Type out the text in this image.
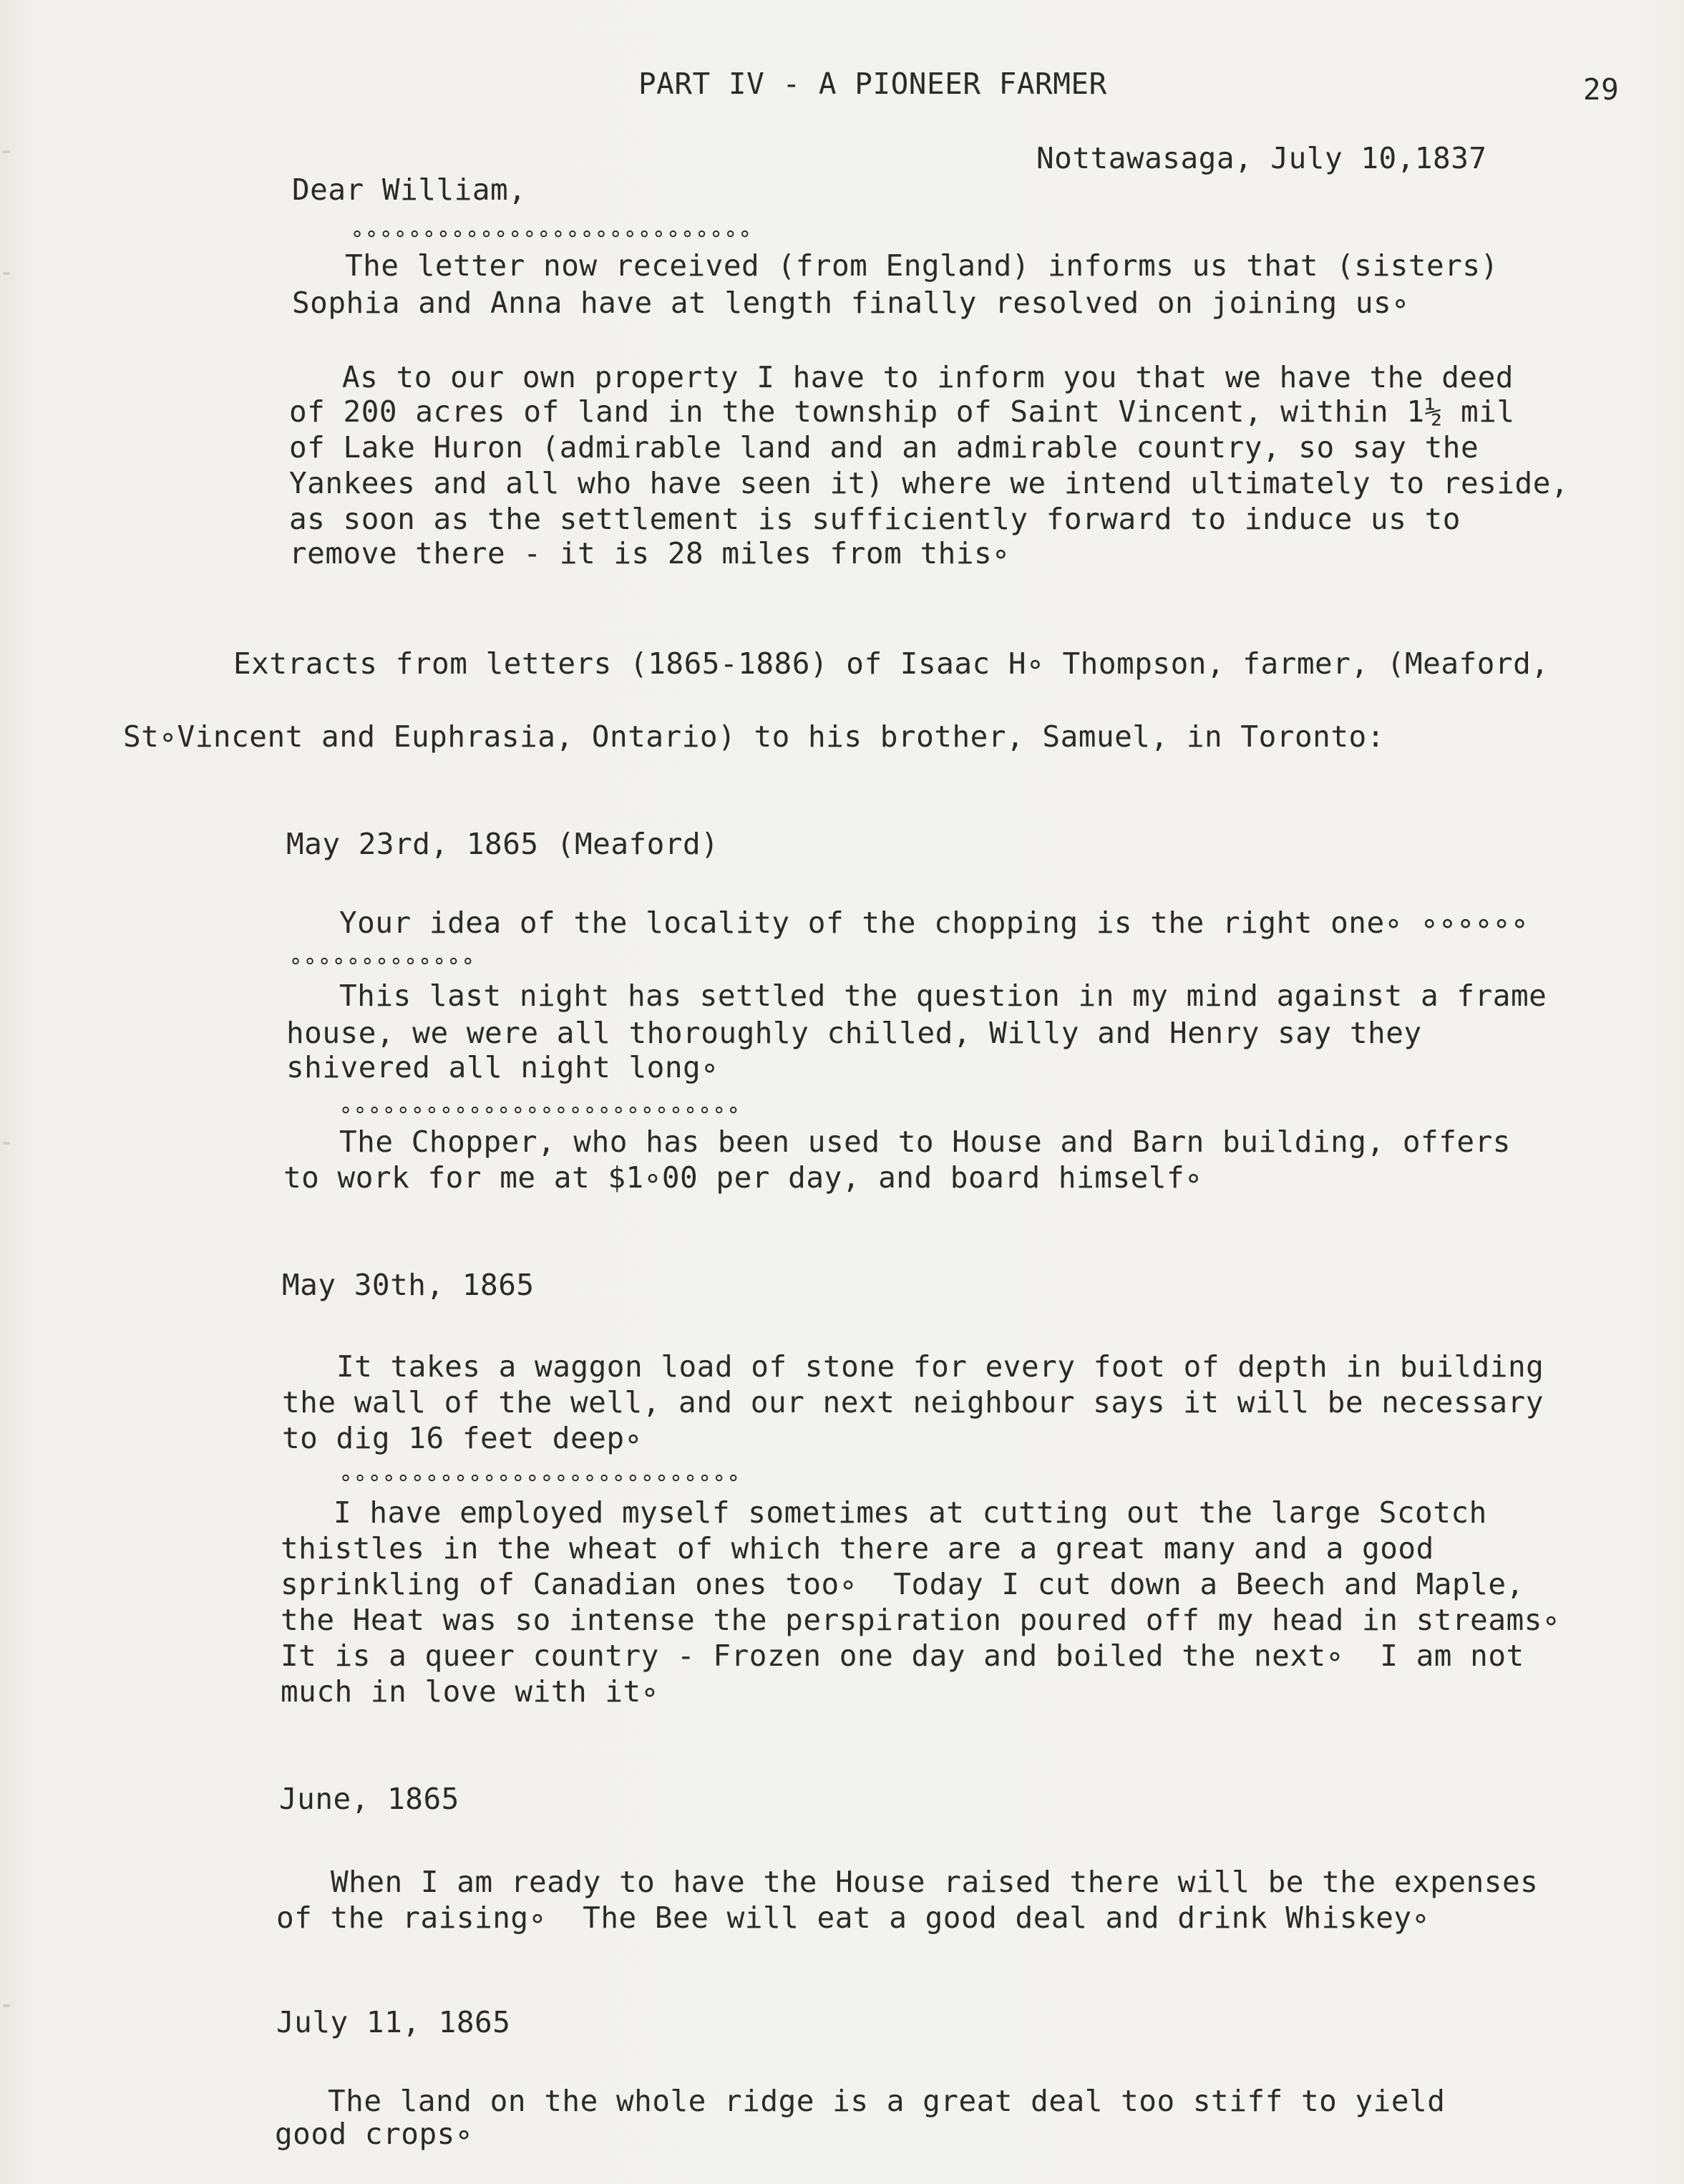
PART IV - A PIONEER FARMER	29
Nottawasaga, July 10,1837
Dear William,
∘∘∘∘∘∘∘∘∘∘∘∘∘∘∘∘∘∘∘∘∘∘∘∘∘∘∘∘
The letter now received (from England) informs us that (sisters)
Sophia and Anna have at length finally resolved on joining us∘
As to our own property I have to inform you that we have the deed
of 200 acres of land in the township of Saint Vincent, within 1½ mil
of Lake Huron (admirable land and an admirable country, so say the
Yankees and all who have seen it) where we intend ultimately to reside,
as soon as the settlement is sufficiently forward to induce us to
remove there - it is 28 miles from this∘
Extracts from letters (1865-1886) of Isaac H∘ Thompson, farmer, (Meaford,
St∘Vincent and Euphrasia, Ontario) to his brother, Samuel, in Toronto:
May 23rd, 1865 (Meaford)
Your idea of the locality of the chopping is the right one∘ ∘∘∘∘∘∘
∘∘∘∘∘∘∘∘∘∘∘∘∘
This last night has settled the question in my mind against a frame
house, we were all thoroughly chilled, Willy and Henry say they
shivered all night long∘
∘∘∘∘∘∘∘∘∘∘∘∘∘∘∘∘∘∘∘∘∘∘∘∘∘∘∘∘
The Chopper, who has been used to House and Barn building, offers
to work for me at $1∘00 per day, and board himself∘
May 30th, 1865
It takes a waggon load of stone for every foot of depth in building
the wall of the well, and our next neighbour says it will be necessary
to dig 16 feet deep∘
∘∘∘∘∘∘∘∘∘∘∘∘∘∘∘∘∘∘∘∘∘∘∘∘∘∘∘∘
I have employed myself sometimes at cutting out the large Scotch
thistles in the wheat of which there are a great many and a good
sprinkling of Canadian ones too∘  Today I cut down a Beech and Maple,
the Heat was so intense the perspiration poured off my head in streams∘
It is a queer country - Frozen one day and boiled the next∘  I am not
much in love with it∘
June, 1865
When I am ready to have the House raised there will be the expenses
of the raising∘  The Bee will eat a good deal and drink Whiskey∘
July 11, 1865
The land on the whole ridge is a great deal too stiff to yield
good crops∘
